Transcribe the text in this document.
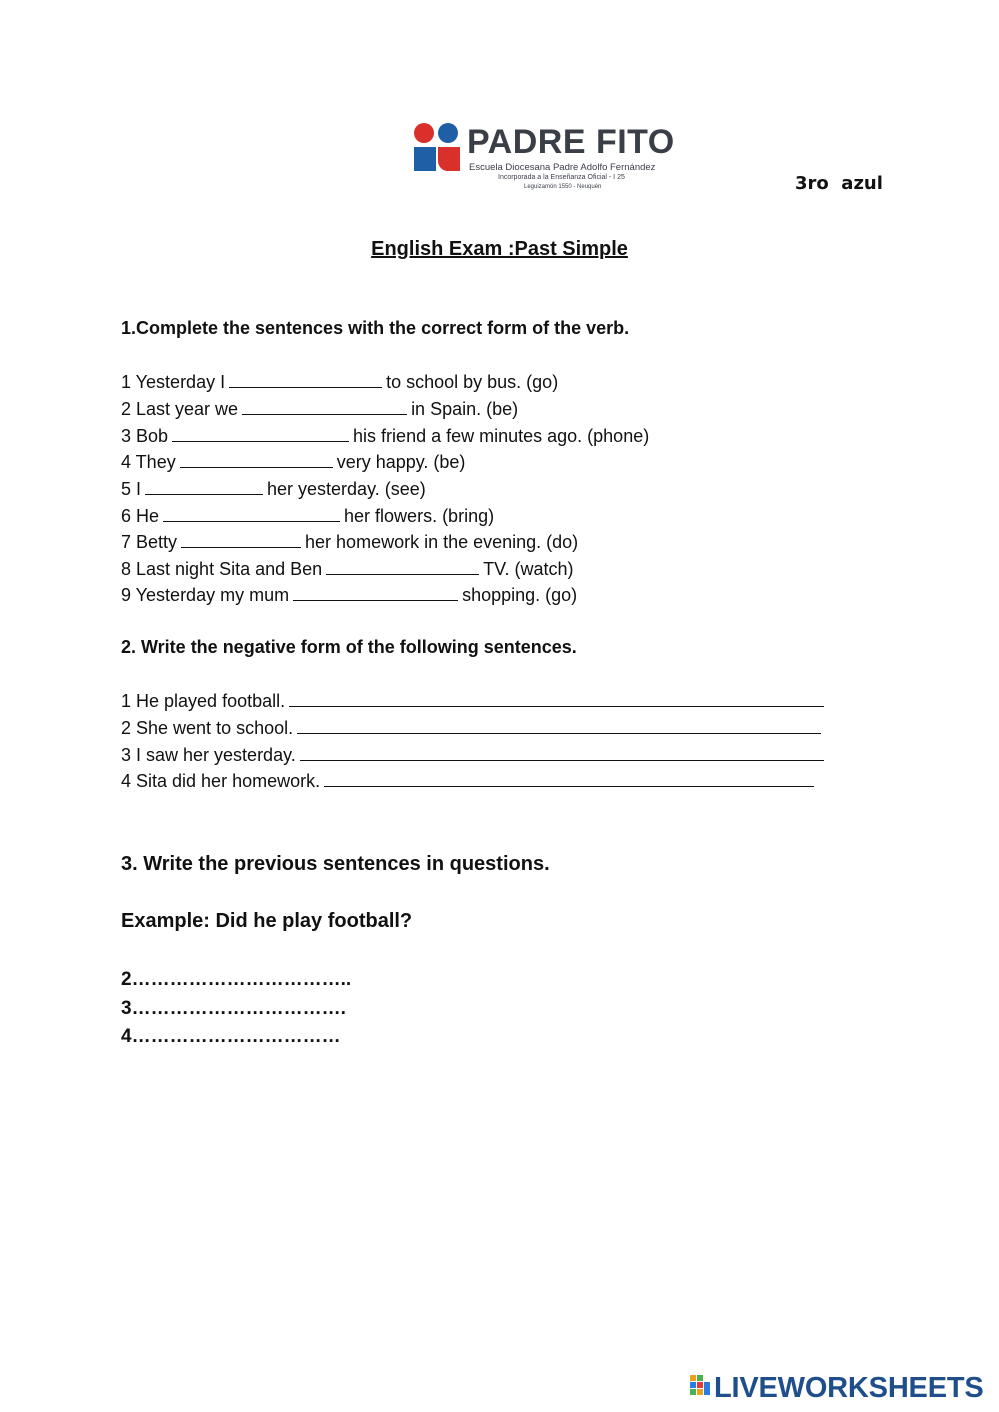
PADRE FITO
Escuela Diocesana Padre Adolfo Fernández
Incorporada a la Enseñanza Oficial - I 25
Leguizamón 1550 - Neuquén	3ro  azul
English Exam :Past Simple
1.Complete the sentences with the correct form of the verb.
1 Yesterday I	to school by bus. (go)
2 Last year we	in Spain. (be)
3 Bob	his friend a few minutes ago. (phone)
4 They	very happy. (be)
5 I	her yesterday. (see)
6 He	her flowers. (bring)
7 Betty	her homework in the evening. (do)
8 Last night Sita and Ben	TV. (watch)
9 Yesterday my mum	shopping. (go)
2. Write the negative form of the following sentences.
1 He played football.
2 She went to school.
3 I saw her yesterday.
4 Sita did her homework.
3. Write the previous sentences in questions.
Example: Did he play football?
2……………………………..
3…………………………….
4……………………………
LIVEWORKSHEETS
